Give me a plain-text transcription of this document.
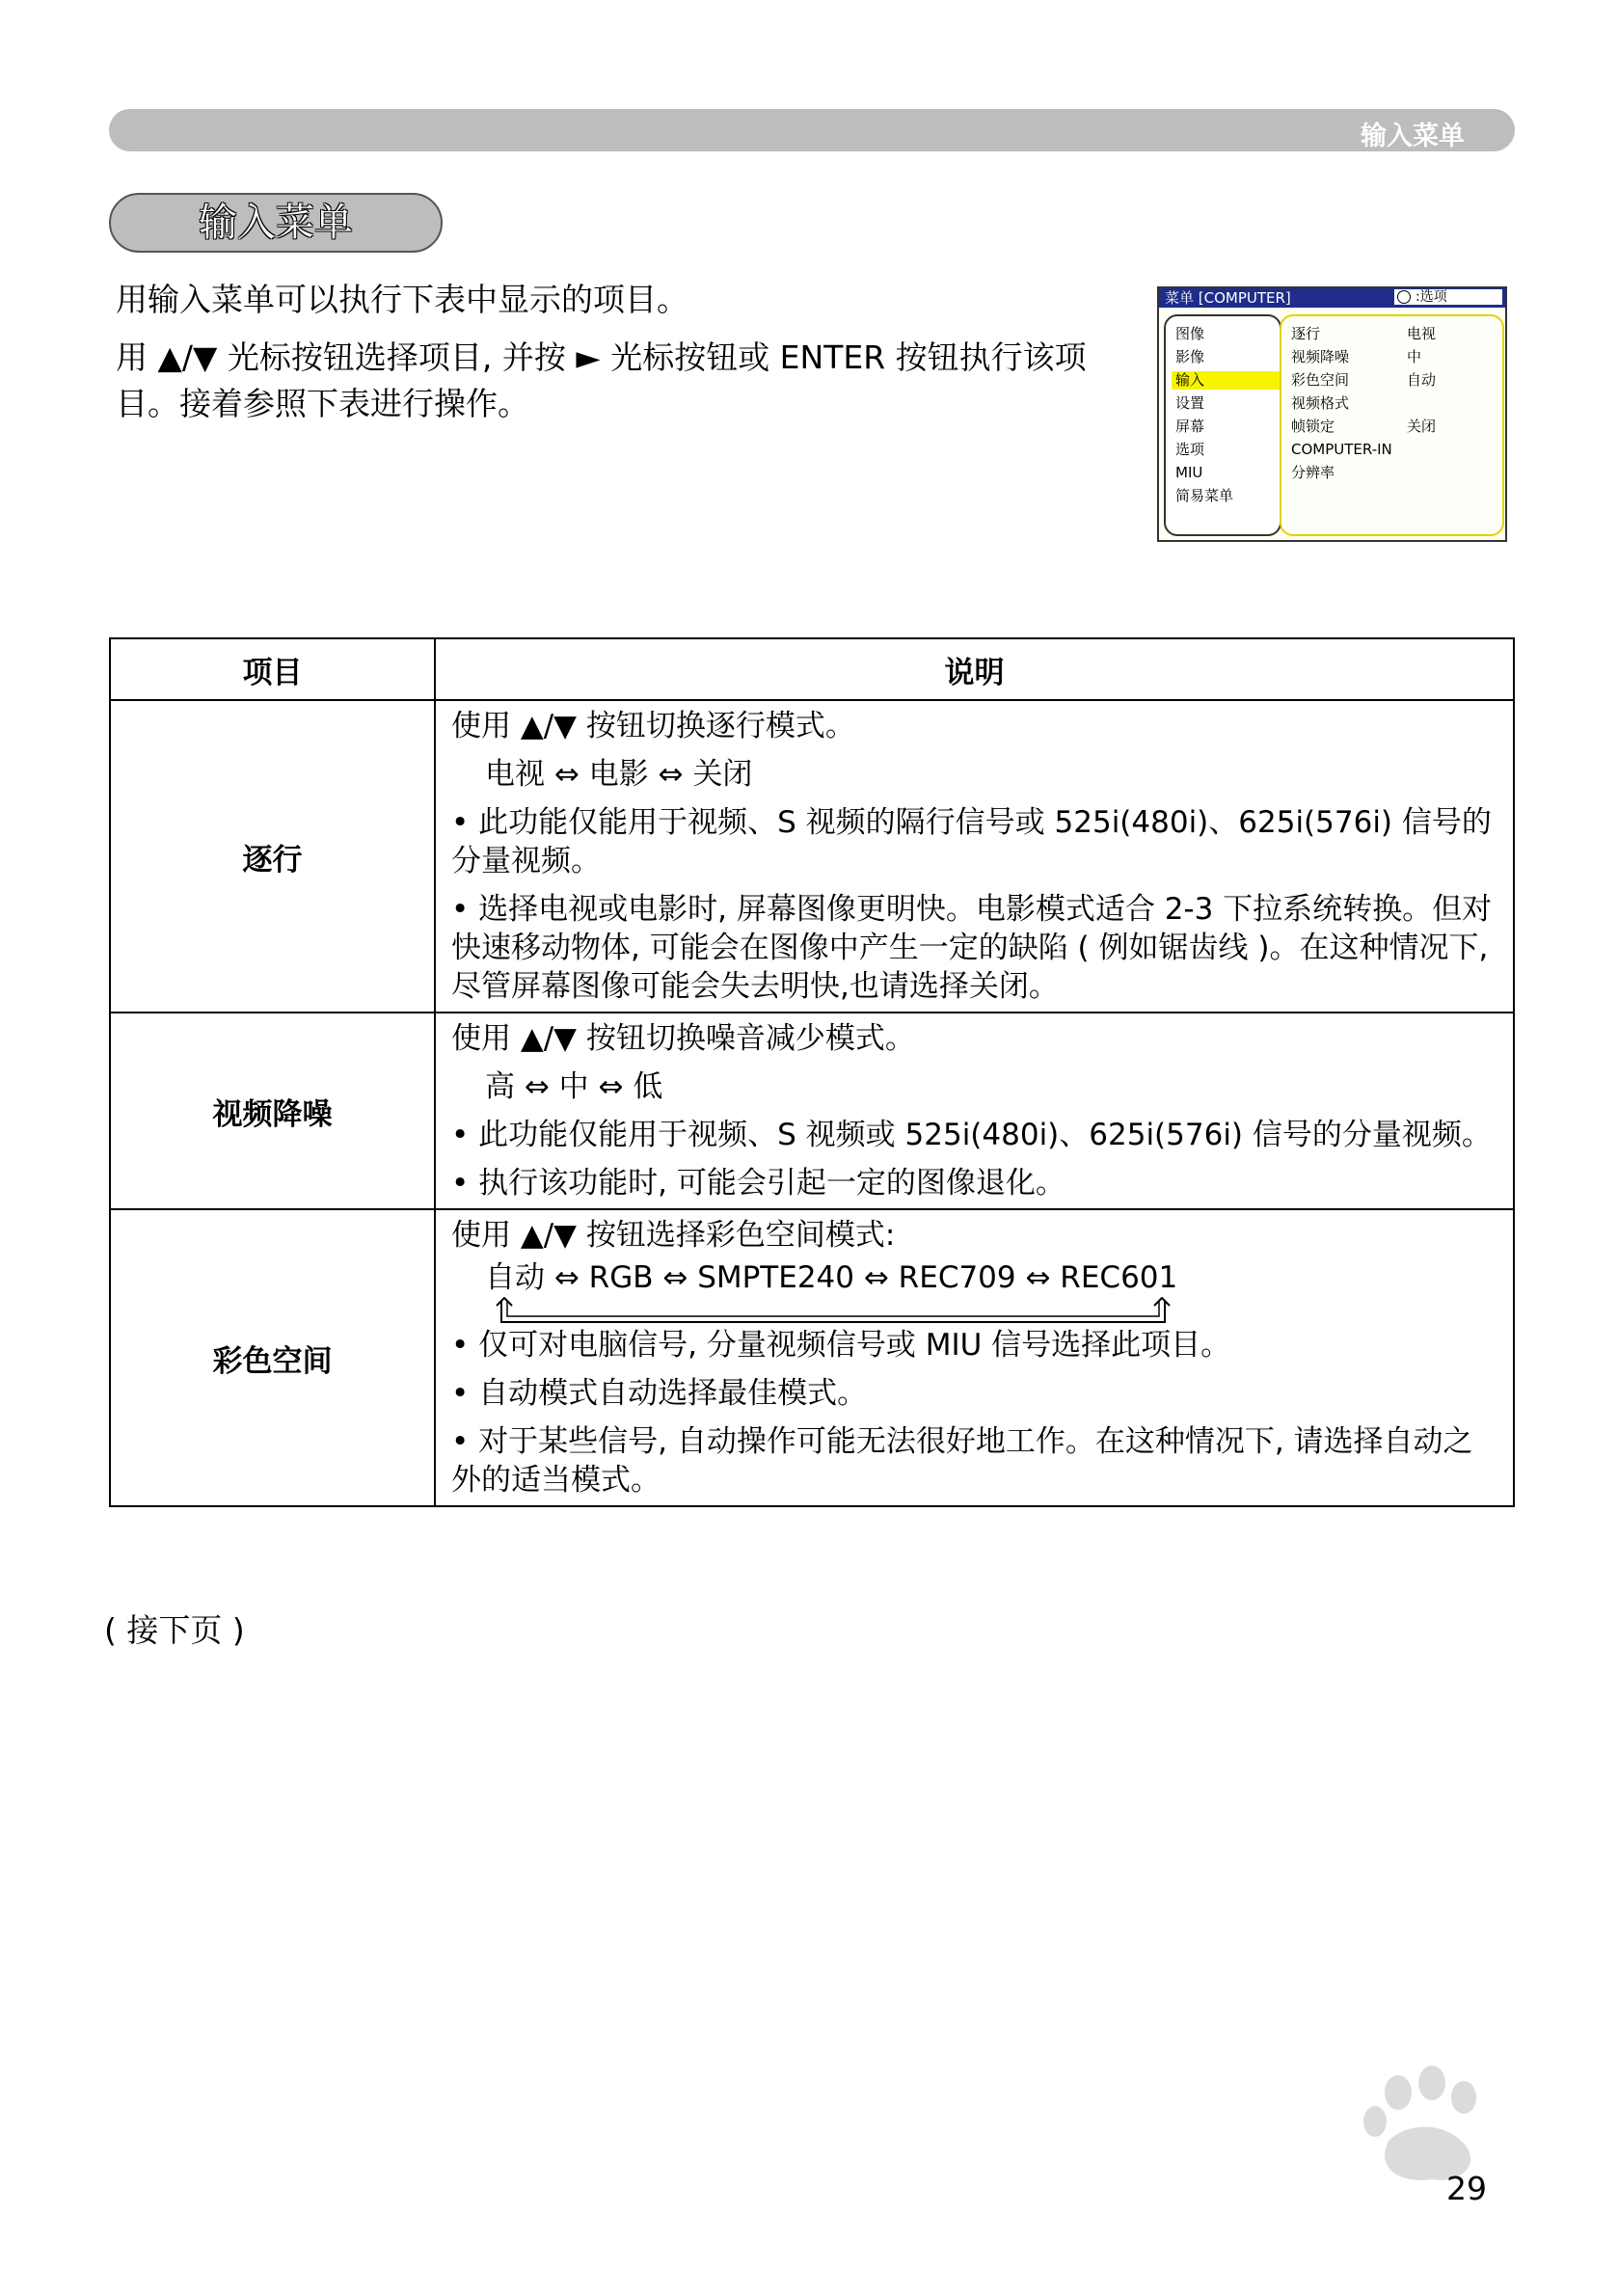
输入菜单
输入菜单
用输入菜单可以执行下表中显示的项目。
用 ▲/▼ 光标按钮选择项目, 并按 ► 光标按钮或 ENTER 按钮执行该项目。接着参照下表进行操作。
菜单 [COMPUTER]	:选项
图像
影像
输入
设置
屏幕
选项
MIU
简易菜单
逐行	电视
视频降噪	中
彩色空间	自动
视频格式
帧锁定	关闭
COMPUTER-IN
分辨率
项目	说明
逐行	使用 ▲/▼ 按钮切换逐行模式。

电视 ⇔ 电影 ⇔ 关闭

• 此功能仅能用于视频、S 视频的隔行信号或 525i(480i)、625i(576i) 信号的分量视频。

• 选择电视或电影时, 屏幕图像更明快。电影模式适合 2-3 下拉系统转换。但对快速移动物体, 可能会在图像中产生一定的缺陷 ( 例如锯齿线 )。在这种情况下,尽管屏幕图像可能会失去明快,也请选择关闭。

视频降噪	使用 ▲/▼ 按钮切换噪音减少模式。

高 ⇔ 中 ⇔ 低

• 此功能仅能用于视频、S 视频或 525i(480i)、625i(576i) 信号的分量视频。

• 执行该功能时, 可能会引起一定的图像退化。

彩色空间	使用 ▲/▼ 按钮选择彩色空间模式:

自动 ⇔ RGB ⇔ SMPTE240 ⇔ REC709 ⇔ REC601

• 仅可对电脑信号, 分量视频信号或 MIU 信号选择此项目。

• 自动模式自动选择最佳模式。

• 对于某些信号, 自动操作可能无法很好地工作。在这种情况下, 请选择自动之外的适当模式。

( 接下页 )
29
